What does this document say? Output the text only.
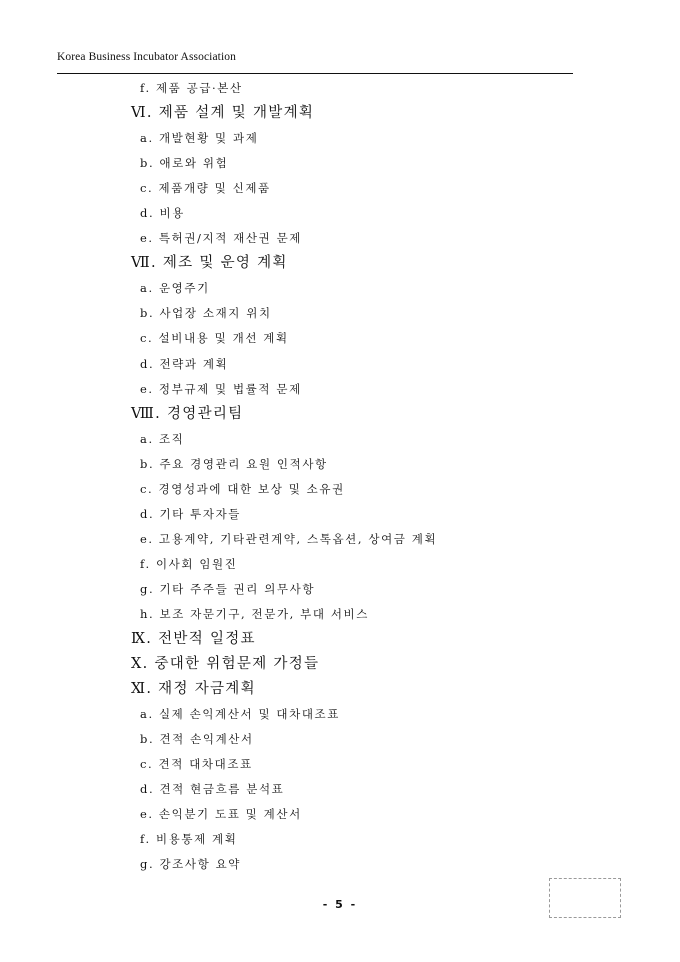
Korea Business Incubator Association
f. 제품 공급·본산
Ⅵ. 제품 설계 및 개발계획
a. 개발현황 및 과제
b. 애로와 위험
c. 제품개량 및 신제품
d. 비용
e. 특허권/지적 재산권 문제
Ⅶ. 제조 및 운영 계획
a. 운영주기
b. 사업장 소재지 위치
c. 설비내용 및 개선 계획
d. 전략과 계획
e. 정부규제 및 법률적 문제
Ⅷ. 경영관리팀
a. 조직
b. 주요 경영관리 요원 인적사항
c. 경영성과에 대한 보상 및 소유권
d. 기타 투자자들
e. 고용계약, 기타관련계약, 스톡옵션, 상여금 계획
f. 이사회 임원진
g. 기타 주주들 권리 의무사항
h. 보조 자문기구, 전문가, 부대 서비스
Ⅸ. 전반적 일정표
Ⅹ. 중대한 위험문제 가정들
Ⅺ. 재정 자금계획
a. 실제 손익계산서 및 대차대조표
b. 견적 손익계산서
c. 견적 대차대조표
d. 견적 현금흐름 분석표
e. 손익분기 도표 및 계산서
f. 비용통제 계획
g. 강조사항 요약
- 5 -
